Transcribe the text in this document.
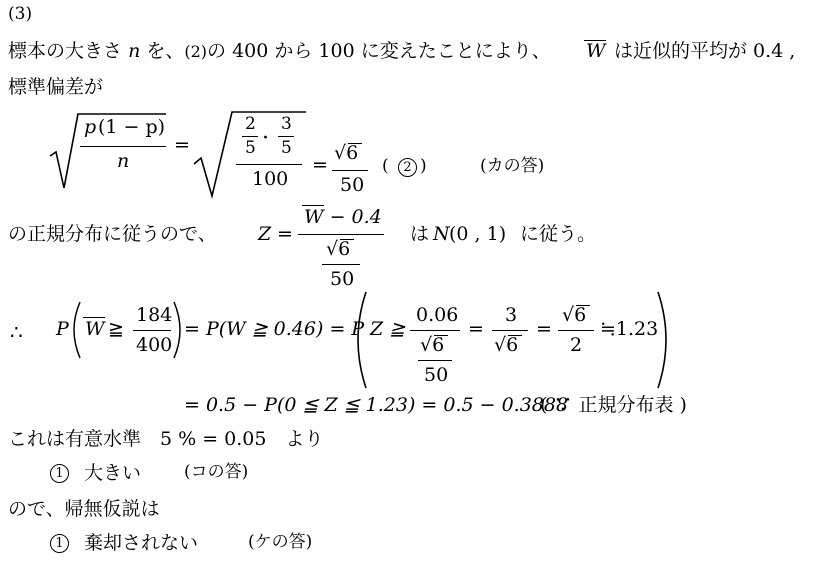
(3)
標本の大きさ n を、(2)の 400 から 100 に変えたことにより、 W は近似的平均が 0.4 ,
標準偏差が
p (1 − p)
n
=
2
5 ·
3
5
100
=
√6
50
(	2 )	(カの答)
の正規分布に従うので、 Z =
W − 0.4
√6
50
は N (0 , 1) に従う。
∴ P W ≧
184
400
= P(W ≧ 0.46) = P Z ≧
0.06
√6
50
=
3
√6
=
√6
2
≒1.23
= 0.5 − P(0 ≦ Z ≦ 1.23) = 0.5 − 0.3888
( ∵ 正規分布表 )
これは有意水準　5 % = 0.05　より
1 大きい	(コの答)
ので、帰無仮説は
1 棄却されない	(ケの答)
